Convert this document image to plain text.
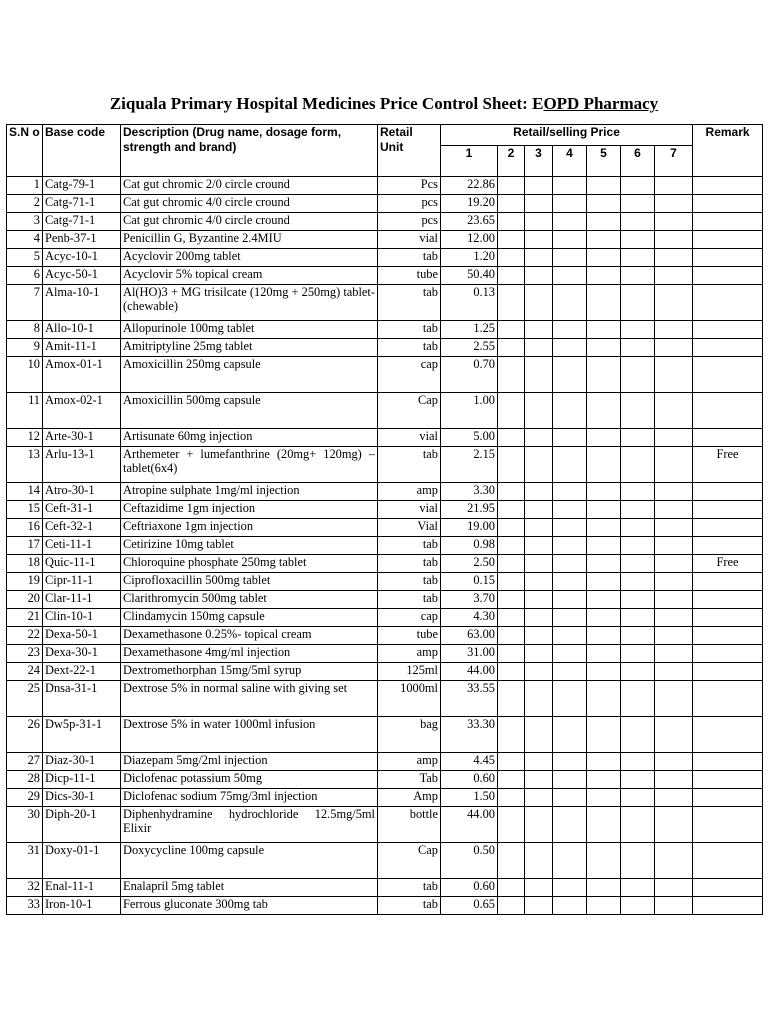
Ziquala Primary Hospital Medicines Price Control Sheet: EOPD Pharmacy
S.N o	Base code	Description (Drug name, dosage form, strength and brand)	Retail Unit	Retail/selling Price							Remark
				1	2	3	4	5	6	7	
1	Catg-79-1	Cat gut chromic 2/0 circle cround	Pcs	22.86							
2	Catg-71-1	Cat gut chromic 4/0 circle cround	pcs	19.20							
3	Catg-71-1	Cat gut chromic 4/0 circle cround	pcs	23.65							
4	Penb-37-1	Penicillin G, Byzantine 2.4MIU	vial	12.00							
5	Acyc-10-1	Acyclovir 200mg tablet	tab	1.20							
6	Acyc-50-1	Acyclovir 5% topical cream	tube	50.40							
7	Alma-10-1	Al(HO)3 + MG trisilcate (120mg + 250mg) tablet-(chewable)	tab	0.13							
8	Allo-10-1	Allopurinole 100mg tablet	tab	1.25							
9	Amit-11-1	Amitriptyline 25mg tablet	tab	2.55							
10	Amox-01-1	Amoxicillin 250mg capsule	cap	0.70							
11	Amox-02-1	Amoxicillin 500mg capsule	Cap	1.00							
12	Arte-30-1	Artisunate 60mg injection	vial	5.00							
13	Arlu-13-1	Arthemeter + lumefanthrine (20mg+ 120mg) – tablet(6x4)	tab	2.15							Free
14	Atro-30-1	Atropine sulphate 1mg/ml injection	amp	3.30							
15	Ceft-31-1	Ceftazidime 1gm injection	vial	21.95							
16	Ceft-32-1	Ceftriaxone 1gm injection	Vial	19.00							
17	Ceti-11-1	Cetirizine 10mg tablet	tab	0.98							
18	Quic-11-1	Chloroquine phosphate 250mg tablet	tab	2.50							Free
19	Cipr-11-1	Ciprofloxacillin 500mg tablet	tab	0.15							
20	Clar-11-1	Clarithromycin 500mg tablet	tab	3.70							
21	Clin-10-1	Clindamycin 150mg capsule	cap	4.30							
22	Dexa-50-1	Dexamethasone 0.25%- topical cream	tube	63.00							
23	Dexa-30-1	Dexamethasone 4mg/ml injection	amp	31.00							
24	Dext-22-1	Dextromethorphan 15mg/5ml syrup	125ml	44.00							
25	Dnsa-31-1	Dextrose 5% in normal saline with giving set	1000ml	33.55							
26	Dw5p-31-1	Dextrose 5% in water 1000ml infusion	bag	33.30							
27	Diaz-30-1	Diazepam 5mg/2ml injection	amp	4.45							
28	Dicp-11-1	Diclofenac potassium 50mg	Tab	0.60							
29	Dics-30-1	Diclofenac sodium 75mg/3ml injection	Amp	1.50							
30	Diph-20-1	Diphenhydramine hydrochloride 12.5mg/5ml Elixir	bottle	44.00							
31	Doxy-01-1	Doxycycline 100mg capsule	Cap	0.50							
32	Enal-11-1	Enalapril 5mg tablet	tab	0.60							
33	Iron-10-1	Ferrous gluconate 300mg tab	tab	0.65							
